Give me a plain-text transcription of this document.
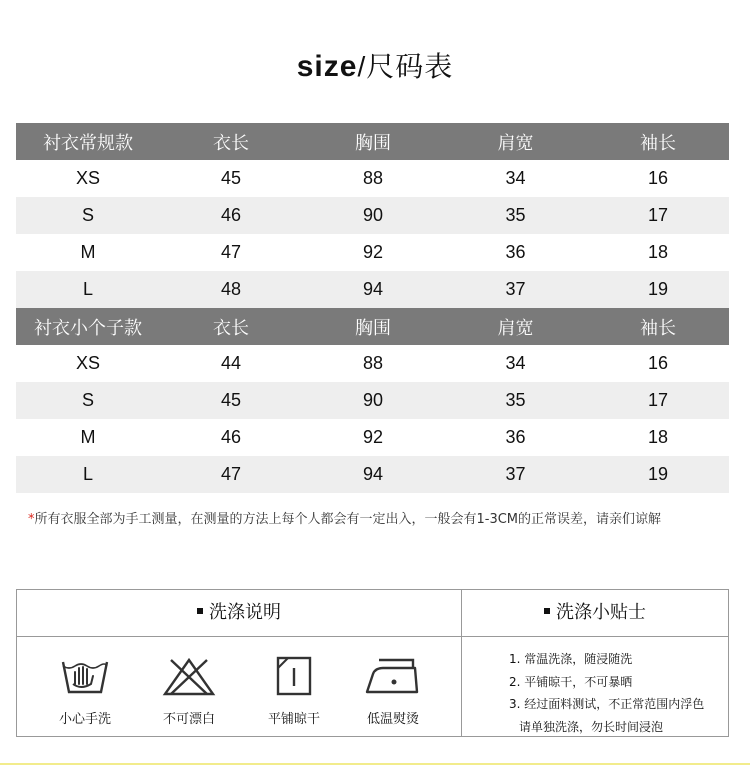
size/尺码表
衬衣常规款	衣长	胸围	肩宽	袖长
XS	45	88	34	16
S	46	90	35	17
M	47	92	36	18
L	48	94	37	19
衬衣小个子款	衣长	胸围	肩宽	袖长
XS	44	88	34	16
S	45	90	35	17
M	46	92	36	18
L	47	94	37	19
*所有衣服全部为手工测量，在测量的方法上每个人都会有一定出入，一般会有1-3CM的正常误差，请亲们谅解
洗涤说明	洗涤小贴士
小心手洗	不可漂白	平铺晾干	低温熨烫
1. 常温洗涤，随浸随洗
2. 平铺晾干，不可暴晒
3. 经过面料测试，不正常范围内浮色
请单独洗涤，勿长时间浸泡
